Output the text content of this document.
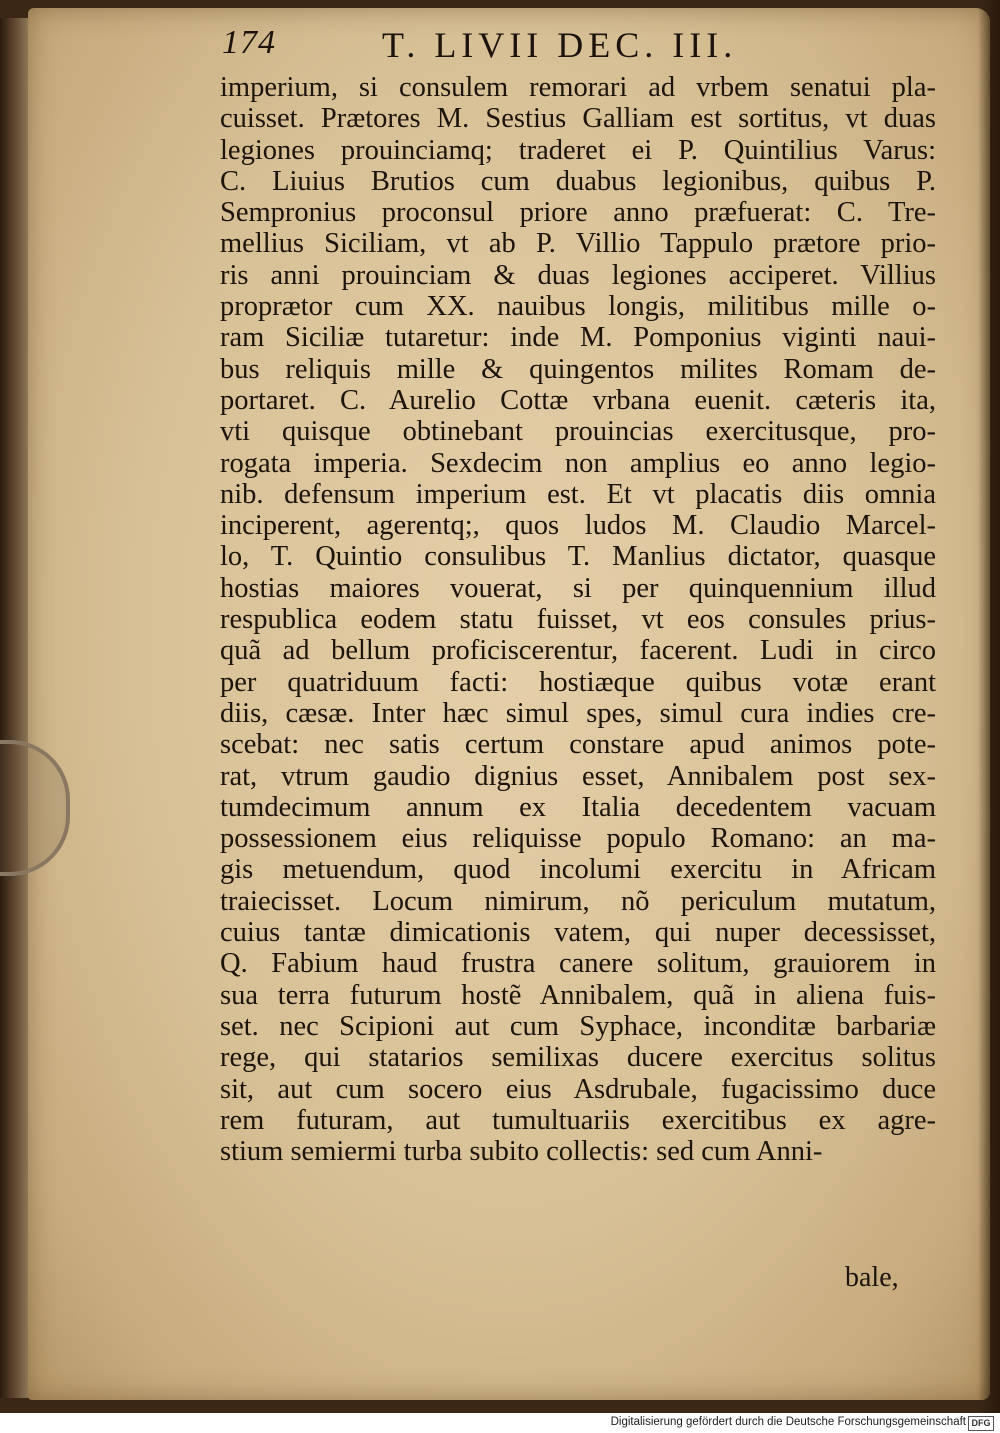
174	T. LIVII DEC. III.
imperium, si consulem remorari ad vrbem senatui pla-
cuisset. Prætores M. Sestius Galliam est sortitus, vt duas
legiones prouinciamq; traderet ei P. Quintilius Varus:
C. Liuius Brutios cum duabus legionibus, quibus P.
Sempronius proconsul priore anno præfuerat: C. Tre-
mellius Siciliam, vt ab P. Villio Tappulo prætore prio-
ris anni prouinciam & duas legiones acciperet. Villius
proprætor cum XX. nauibus longis, militibus mille o-
ram Siciliæ tutaretur: inde M. Pomponius viginti naui-
bus reliquis mille & quingentos milites Romam de-
portaret. C. Aurelio Cottæ vrbana euenit. cæteris ita,
vti quisque obtinebant prouincias exercitusque, pro-
rogata imperia. Sexdecim non amplius eo anno legio-
nib. defensum imperium est. Et vt placatis diis omnia
inciperent, agerentq;, quos ludos M. Claudio Marcel-
lo, T. Quintio consulibus T. Manlius dictator, quasque
hostias maiores vouerat, si per quinquennium illud
respublica eodem statu fuisset, vt eos consules prius-
quã ad bellum proficiscerentur, facerent. Ludi in circo
per quatriduum facti: hostiæque quibus votæ erant
diis, cæsæ. Inter hæc simul spes, simul cura indies cre-
scebat: nec satis certum constare apud animos pote-
rat, vtrum gaudio dignius esset, Annibalem post sex-
tumdecimum annum ex Italia decedentem vacuam
possessionem eius reliquisse populo Romano: an ma-
gis metuendum, quod incolumi exercitu in Africam
traiecisset. Locum nimirum, nõ periculum mutatum,
cuius tantæ dimicationis vatem, qui nuper decessisset,
Q. Fabium haud frustra canere solitum, grauiorem in
sua terra futurum hostẽ Annibalem, quã in aliena fuis-
set. nec Scipioni aut cum Syphace, inconditæ barbariæ
rege, qui statarios semilixas ducere exercitus solitus
sit, aut cum socero eius Asdrubale, fugacissimo duce
rem futuram, aut tumultuariis exercitibus ex agre-
stium semiermi turba subito collectis: sed cum Anni-
bale,
Digitalisierung gefördert durch die Deutsche Forschungsgemeinschaft DFG
